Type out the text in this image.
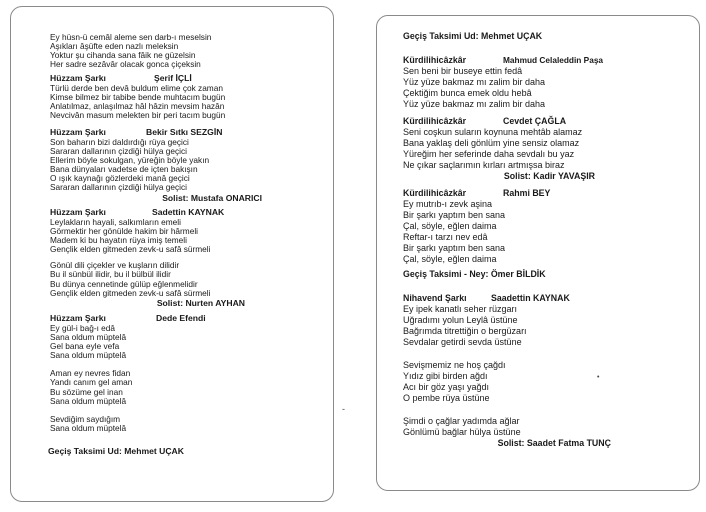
Ey hüsn-ü cemâl aleme sen darb-ı meselsin
Aşıkları âşüfte eden nazlı meleksin
Yoktur şu cihanda sana fâik ne güzelsin
Her sadre sezâvâr olacak gonca çiçeksin
Hüzzam Şarkı	Şerif İÇLİ
Türlü derde ben devâ buldum elime çok zaman
Kimse bilmez bir tabibe bende muhtacım bugün
Anlatılmaz, anlaşılmaz hâl hâzin mevsim hazân
Nevcivân masum melekten bir peri tacım bugün
Hüzzam Şarkı	Bekir Sıtkı SEZGİN
Son baharın bizi daldırdığı rüya geçici
Sararan dallarının çizdiği hülya geçici
Ellerim böyle sokulgan, yüreğin böyle yakın
Bana dünyaları vadetse de içten bakışın
O ışık kaynağı gözlerdeki manâ geçici
Sararan dallarının çizdiği hülya geçici
Solist: Mustafa ONARICI
Hüzzam Şarkı	Sadettin KAYNAK
Leylakların hayali, salkımların emeli
Görmektir her gönülde hakim bir hârmeli
Madem ki bu hayatın rüya imiş temeli
Gençlik elden gitmeden zevk-u safâ sürmeli
Gönül dili çiçekler ve kuşların dilidir
Bu il sünbül ilidir, bu il bülbül ilidir
Bu dünya cennetinde gülüp eğlenmelidir
Gençlik elden gitmeden zevk-u safâ sürmeli
Solist: Nurten AYHAN
Hüzzam Şarkı	Dede Efendi
Ey gül-i bağ-ı edâ
Sana oldum müptelâ
Gel bana eyle vefa
Sana oldum müptelâ
Aman ey nevres fidan
Yandı canım gel aman
Bu sözüme gel inan
Sana oldum müptelâ
Sevdiğim saydığım
Sana oldum müptelâ
Geçiş Taksimi Ud: Mehmet UÇAK
-
Geçiş Taksimi Ud: Mehmet UÇAK
Kürdilihicâzkâr	Mahmud Celaleddin Paşa
Sen beni bir buseye ettin fedâ
Yüz yüze bakmaz mı zalim bir daha
Çektiğim bunca emek oldu hebâ
Yüz yüze bakmaz mı zalim bir daha
Kürdilihicâzkâr	Cevdet ÇAĞLA
Seni coşkun suların koynuna mehtâb alamaz
Bana yaklaş deli gönlüm yine sensiz olamaz
Yüreğim her seferinde daha sevdalı bu yaz
Ne çıkar saçlarımın kırları artmışsa biraz
Solist: Kadir YAVAŞIR
Kürdilihicâzkâr	Rahmi BEY
Ey mutrıb-ı zevk aşina
Bir şarkı yaptım ben sana
Çal, söyle, eğlen daima
Reftar-ı tarzı nev edâ
Bir şarkı yaptım ben sana
Çal, söyle, eğlen daima
Geçiş Taksimi - Ney: Ömer BİLDİK
Nihavend Şarkı	Saadettin KAYNAK
Ey ipek kanatlı seher rüzgarı
Uğradımı yolun Leylâ üstüne
Bağrımda titrettiğin o bergüzarı
Sevdalar getirdi sevda üstüne
Sevişmemiz ne hoş çağdı
Yıdız gibi birden ağdı
Acı bir göz yaşı yağdı
O pembe rüya üstüne
Şimdi o çağlar yadımda ağlar
Gönlümü bağlar hülya üstüne
Solist: Saadet Fatma TUNÇ
•
